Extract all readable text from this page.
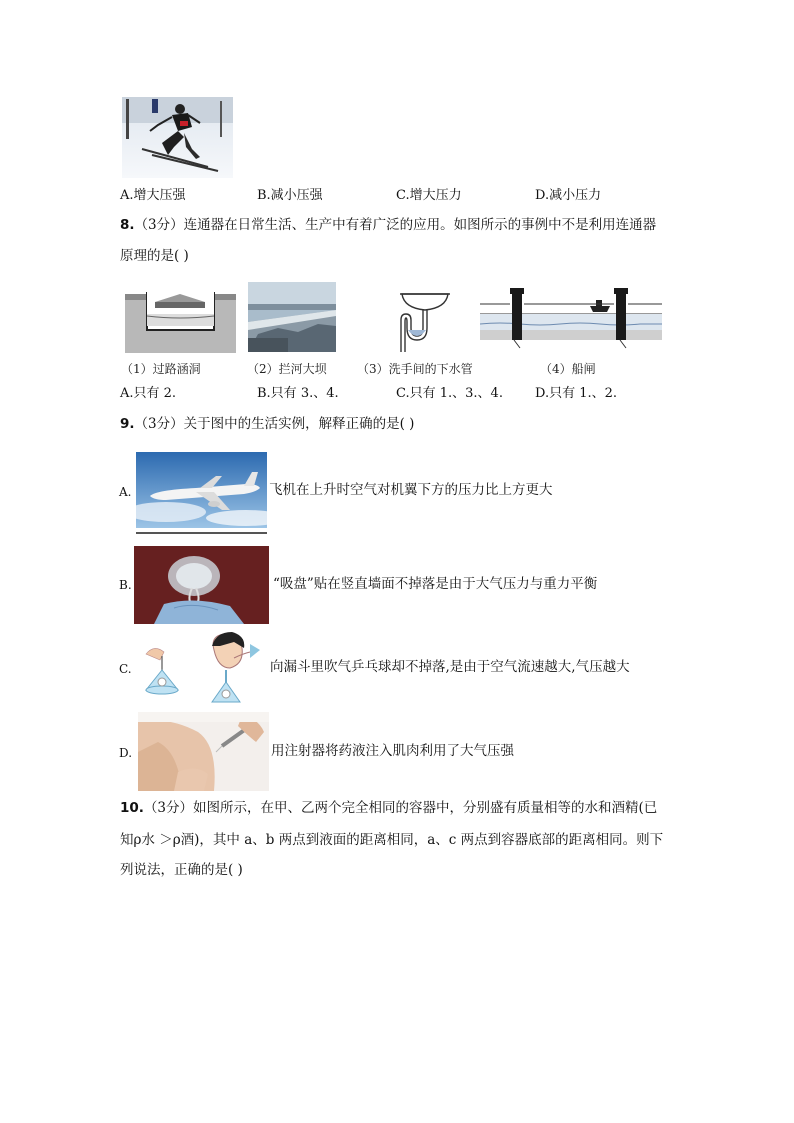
A.增大压强	B.减小压强	C.增大压力	D.减小压力
8.（3分）连通器在日常生活、生产中有着广泛的应用。如图所示的事例中不是利用连通器
原理的是( )
（1）过路涵洞	（2）拦河大坝	（3）洗手间的下水管	（4）船闸
A.只有 2.	B.只有 3.、4.	C.只有 1.、3.、4. D.只有 1.、2.
9.（3分）关于图中的生活实例，解释正确的是( )
A.	飞机在上升时空气对机翼下方的压力比上方更大
B.	“吸盘”贴在竖直墙面不掉落是由于大气压力与重力平衡
C.	向漏斗里吹气乒乓球却不掉落,是由于空气流速越大,气压越大
D.	用注射器将药液注入肌肉利用了大气压强
10.（3分）如图所示，在甲、乙两个完全相同的容器中，分别盛有质量相等的水和酒精(已
知ρ水 ＞ρ酒)，其中 a、b 两点到液面的距离相同，a、c 两点到容器底部的距离相同。则下
列说法，正确的是( )
